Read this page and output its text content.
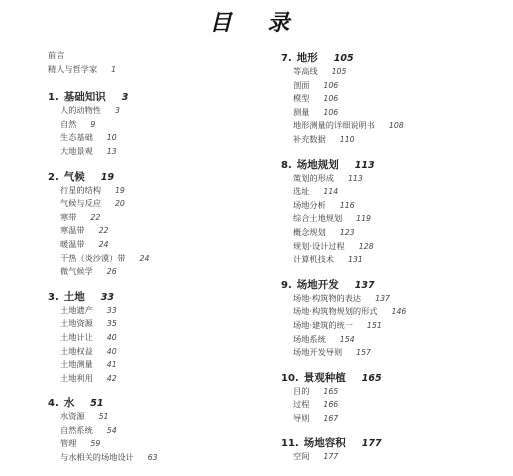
目 录
前言
精人与哲学家 1
1. 基础知识 3
人的动物性 3
自然 9
生态基础 10
大地景观 13
2. 气候 19
行星的结构 19
气候与反应 20
寒带 22
寒温带 22
暖温带 24
干热（炎沙漠）带 24
微气候学 26
3. 土地 33
土地遗产 33
土地资源 35
土地计让 40
土地权益 40
土地测量 41
土地利用 42
4. 水 51
水资源 51
自然系统 54
管理 59
与水相关的场地设计 63
7. 地形 105
等高线 105
剖面 106
模型 106
测量 106
地形测量的详细说明书 108
补充数据 110
8. 场地规划 113
策划的形成 113
选址 114
场地分析 116
综合土地规划 119
概念规划 123
规划·设计过程 128
计算机技术 131
9. 场地开发 137
场地·构筑物的表达 137
场地·构筑物规划的形式 146
场地·建筑的统一 151
场地系统 154
场地开发导则 157
10. 景观种植 165
目的 165
过程 166
导则 167
11. 场地容积 177
空间 177
